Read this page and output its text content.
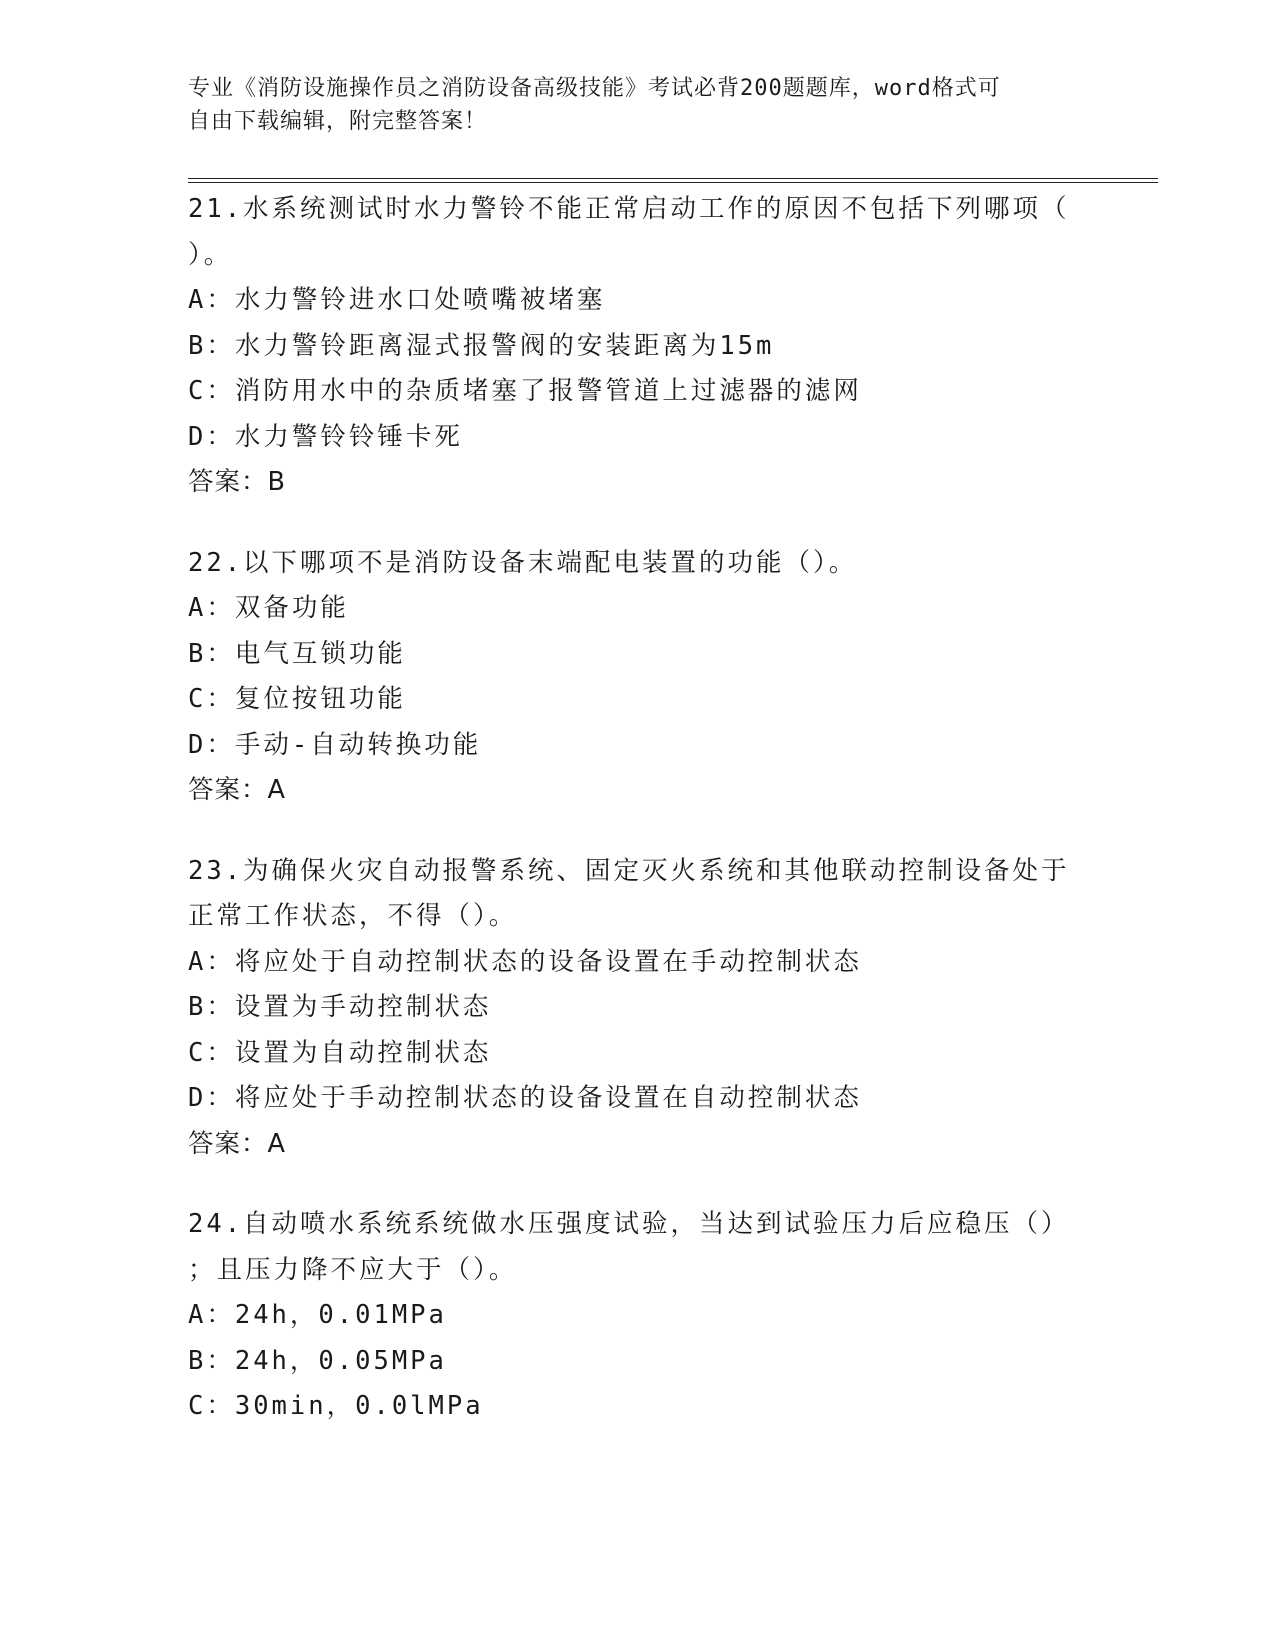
专业《消防设施操作员之消防设备高级技能》考试必背200题题库，word格式可
自由下载编辑，附完整答案！
21.水系统测试时水力警铃不能正常启动工作的原因不包括下列哪项（
）。
A：水力警铃进水口处喷嘴被堵塞
B：水力警铃距离湿式报警阀的安装距离为15m
C：消防用水中的杂质堵塞了报警管道上过滤器的滤网
D：水力警铃铃锤卡死
答案：B
22.以下哪项不是消防设备末端配电装置的功能（）。
A：双备功能
B：电气互锁功能
C：复位按钮功能
D：手动-自动转换功能
答案：A
23.为确保火灾自动报警系统、固定灭火系统和其他联动控制设备处于
正常工作状态，不得（）。
A：将应处于自动控制状态的设备设置在手动控制状态
B：设置为手动控制状态
C：设置为自动控制状态
D：将应处于手动控制状态的设备设置在自动控制状态
答案：A
24.自动喷水系统系统做水压强度试验，当达到试验压力后应稳压（）
；且压力降不应大于（）。
A：24h，0.01MPa
B：24h，0.05MPa
C：30min，0.0lMPa
